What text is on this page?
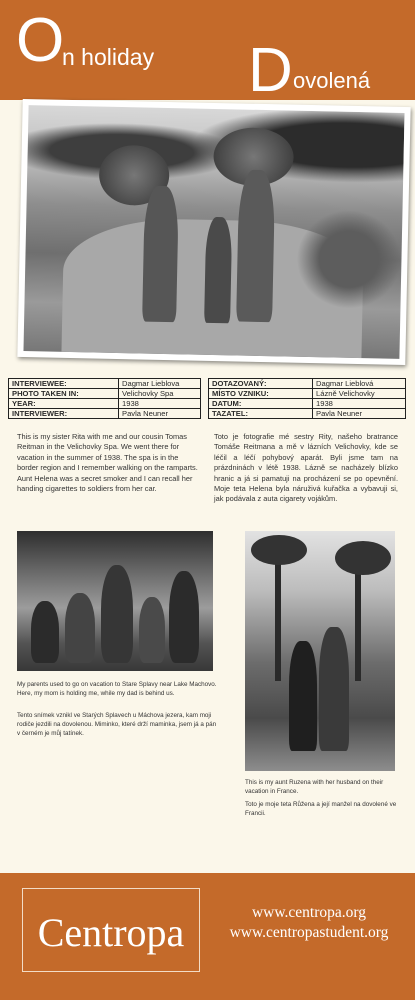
O
n holiday D ovolená
INTERVIEWEE:	Dagmar Lieblova
PHOTO TAKEN IN:	Velichovky Spa
YEAR:	1938
INTERVIEWER:	Pavla Neuner
DOTAZOVANÝ:	Dagmar Lieblová
MÍSTO VZNIKU:	Lázně Velichovky
DATUM:	1938
TAZATEL:	Pavla Neuner

This is my sister Rita with me and our cousin Tomas Reitman in the Velichovky Spa. We went there for vacation in the summer of 1938. The spa is in the border region and I remember walking on the ramparts. Aunt Helena was a secret smoker and I can recall her handing cigarettes to soldiers from her car.

Toto je fotografie mé sestry Rity, našeho bratrance Tomáše Reitmana a mě v lázních Velichovky, kde se léčil a léčí pohybový aparát. Byli jsme tam na prázdninách v létě 1938. Lázně se nacházely blízko hranic a já si pamatuji na procházení se po opevnění. Moje teta Helena byla náruživá kuřačka a vybavuji si, jak podávala z auta cigarety vojákům.

My parents used to go on vacation to Stare Splavy near Lake Machovo. Here, my mom is holding me, while my dad is behind us.

Tento snímek vznikl ve Starých Splavech u Máchova jezera, kam moji rodiče jezdili na dovolenou. Miminko, které drží maminka, jsem já a pán v černém je můj tatínek.

This is my aunt Ruzena with her husband on their vacation in France.

Toto je moje teta Růžena a její manžel na dovolené ve Francii.

Centropa	www.centropa.org
www.centropastudent.org
